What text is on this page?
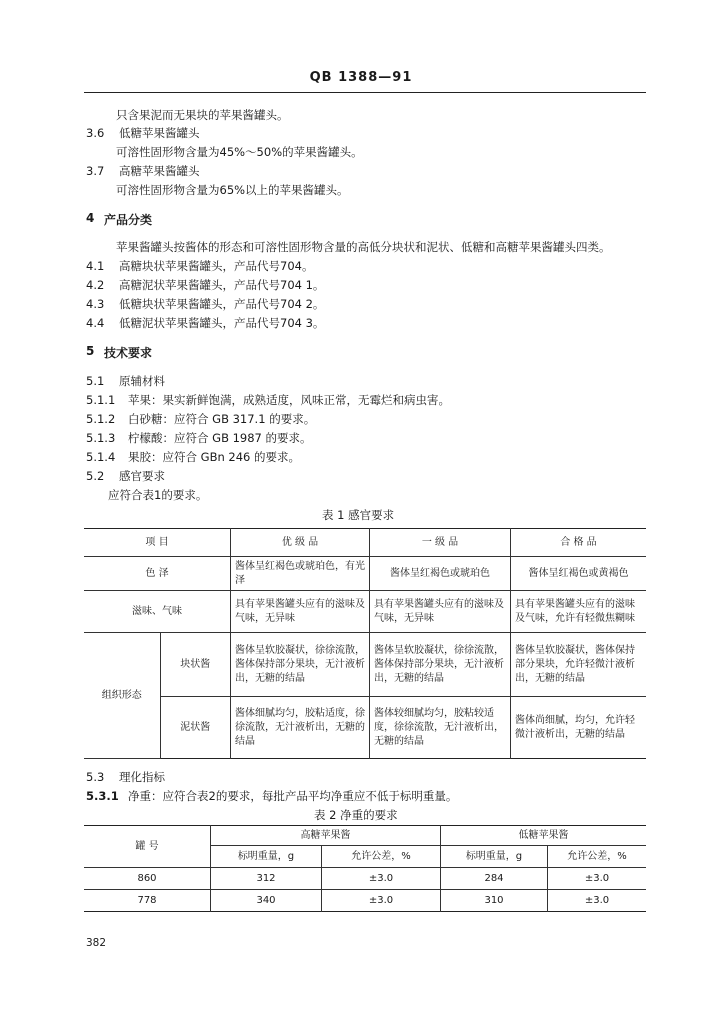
QB 1388—91
只含果泥而无果块的苹果酱罐头。
3.6 低糖苹果酱罐头
可溶性固形物含量为45%～50%的苹果酱罐头。
3.7 高糖苹果酱罐头
可溶性固形物含量为65%以上的苹果酱罐头。
4 产品分类
苹果酱罐头按酱体的形态和可溶性固形物含量的高低分块状和泥状、低糖和高糖苹果酱罐头四类。
4.1 高糖块状苹果酱罐头，产品代号704。
4.2 高糖泥状苹果酱罐头，产品代号704 1。
4.3 低糖块状苹果酱罐头，产品代号704 2。
4.4 低糖泥状苹果酱罐头，产品代号704 3。
5 技术要求
5.1 原辅材料
5.1.1 苹果：果实新鲜饱满，成熟适度，风味正常，无霉烂和病虫害。
5.1.2 白砂糖：应符合 GB 317.1 的要求。
5.1.3 柠檬酸：应符合 GB 1987 的要求。
5.1.4 果胶：应符合 GBn 246 的要求。
5.2 感官要求
应符合表1的要求。
表 1 感官要求
项 目		优 级 品	一 级 品	合 格 品
色 泽		酱体呈红褐色或琥珀色，有光泽	酱体呈红褐色或琥珀色	酱体呈红褐色或黄褐色
滋味、气味		具有苹果酱罐头应有的滋味及气味，无异味	具有苹果酱罐头应有的滋味及气味，无异味	具有苹果酱罐头应有的滋味及气味，允许有轻微焦糊味
组织形态	块状酱	酱体呈软胶凝状，徐徐流散，酱体保持部分果块，无汁液析出，无糖的结晶	酱体呈软胶凝状，徐徐流散，酱体保持部分果块，无汁液析出，无糖的结晶	酱体呈软胶凝状，酱体保持部分果块，允许轻微汁液析出，无糖的结晶
	泥状酱	酱体细腻均匀，胶粘适度，徐徐流散，无汁液析出，无糖的结晶	酱体较细腻均匀，胶粘较适度，徐徐流散，无汁液析出，无糖的结晶	酱体尚细腻，均匀，允许轻微汁液析出，无糖的结晶
5.3 理化指标
5.3.1 净重：应符合表2的要求，每批产品平均净重应不低于标明重量。
表 2 净重的要求
罐 号	高糖苹果酱		低糖苹果酱	
	标明重量，g	允许公差，%	标明重量，g	允许公差，%
860	312	±3.0	284	±3.0
778	340	±3.0	310	±3.0
382
